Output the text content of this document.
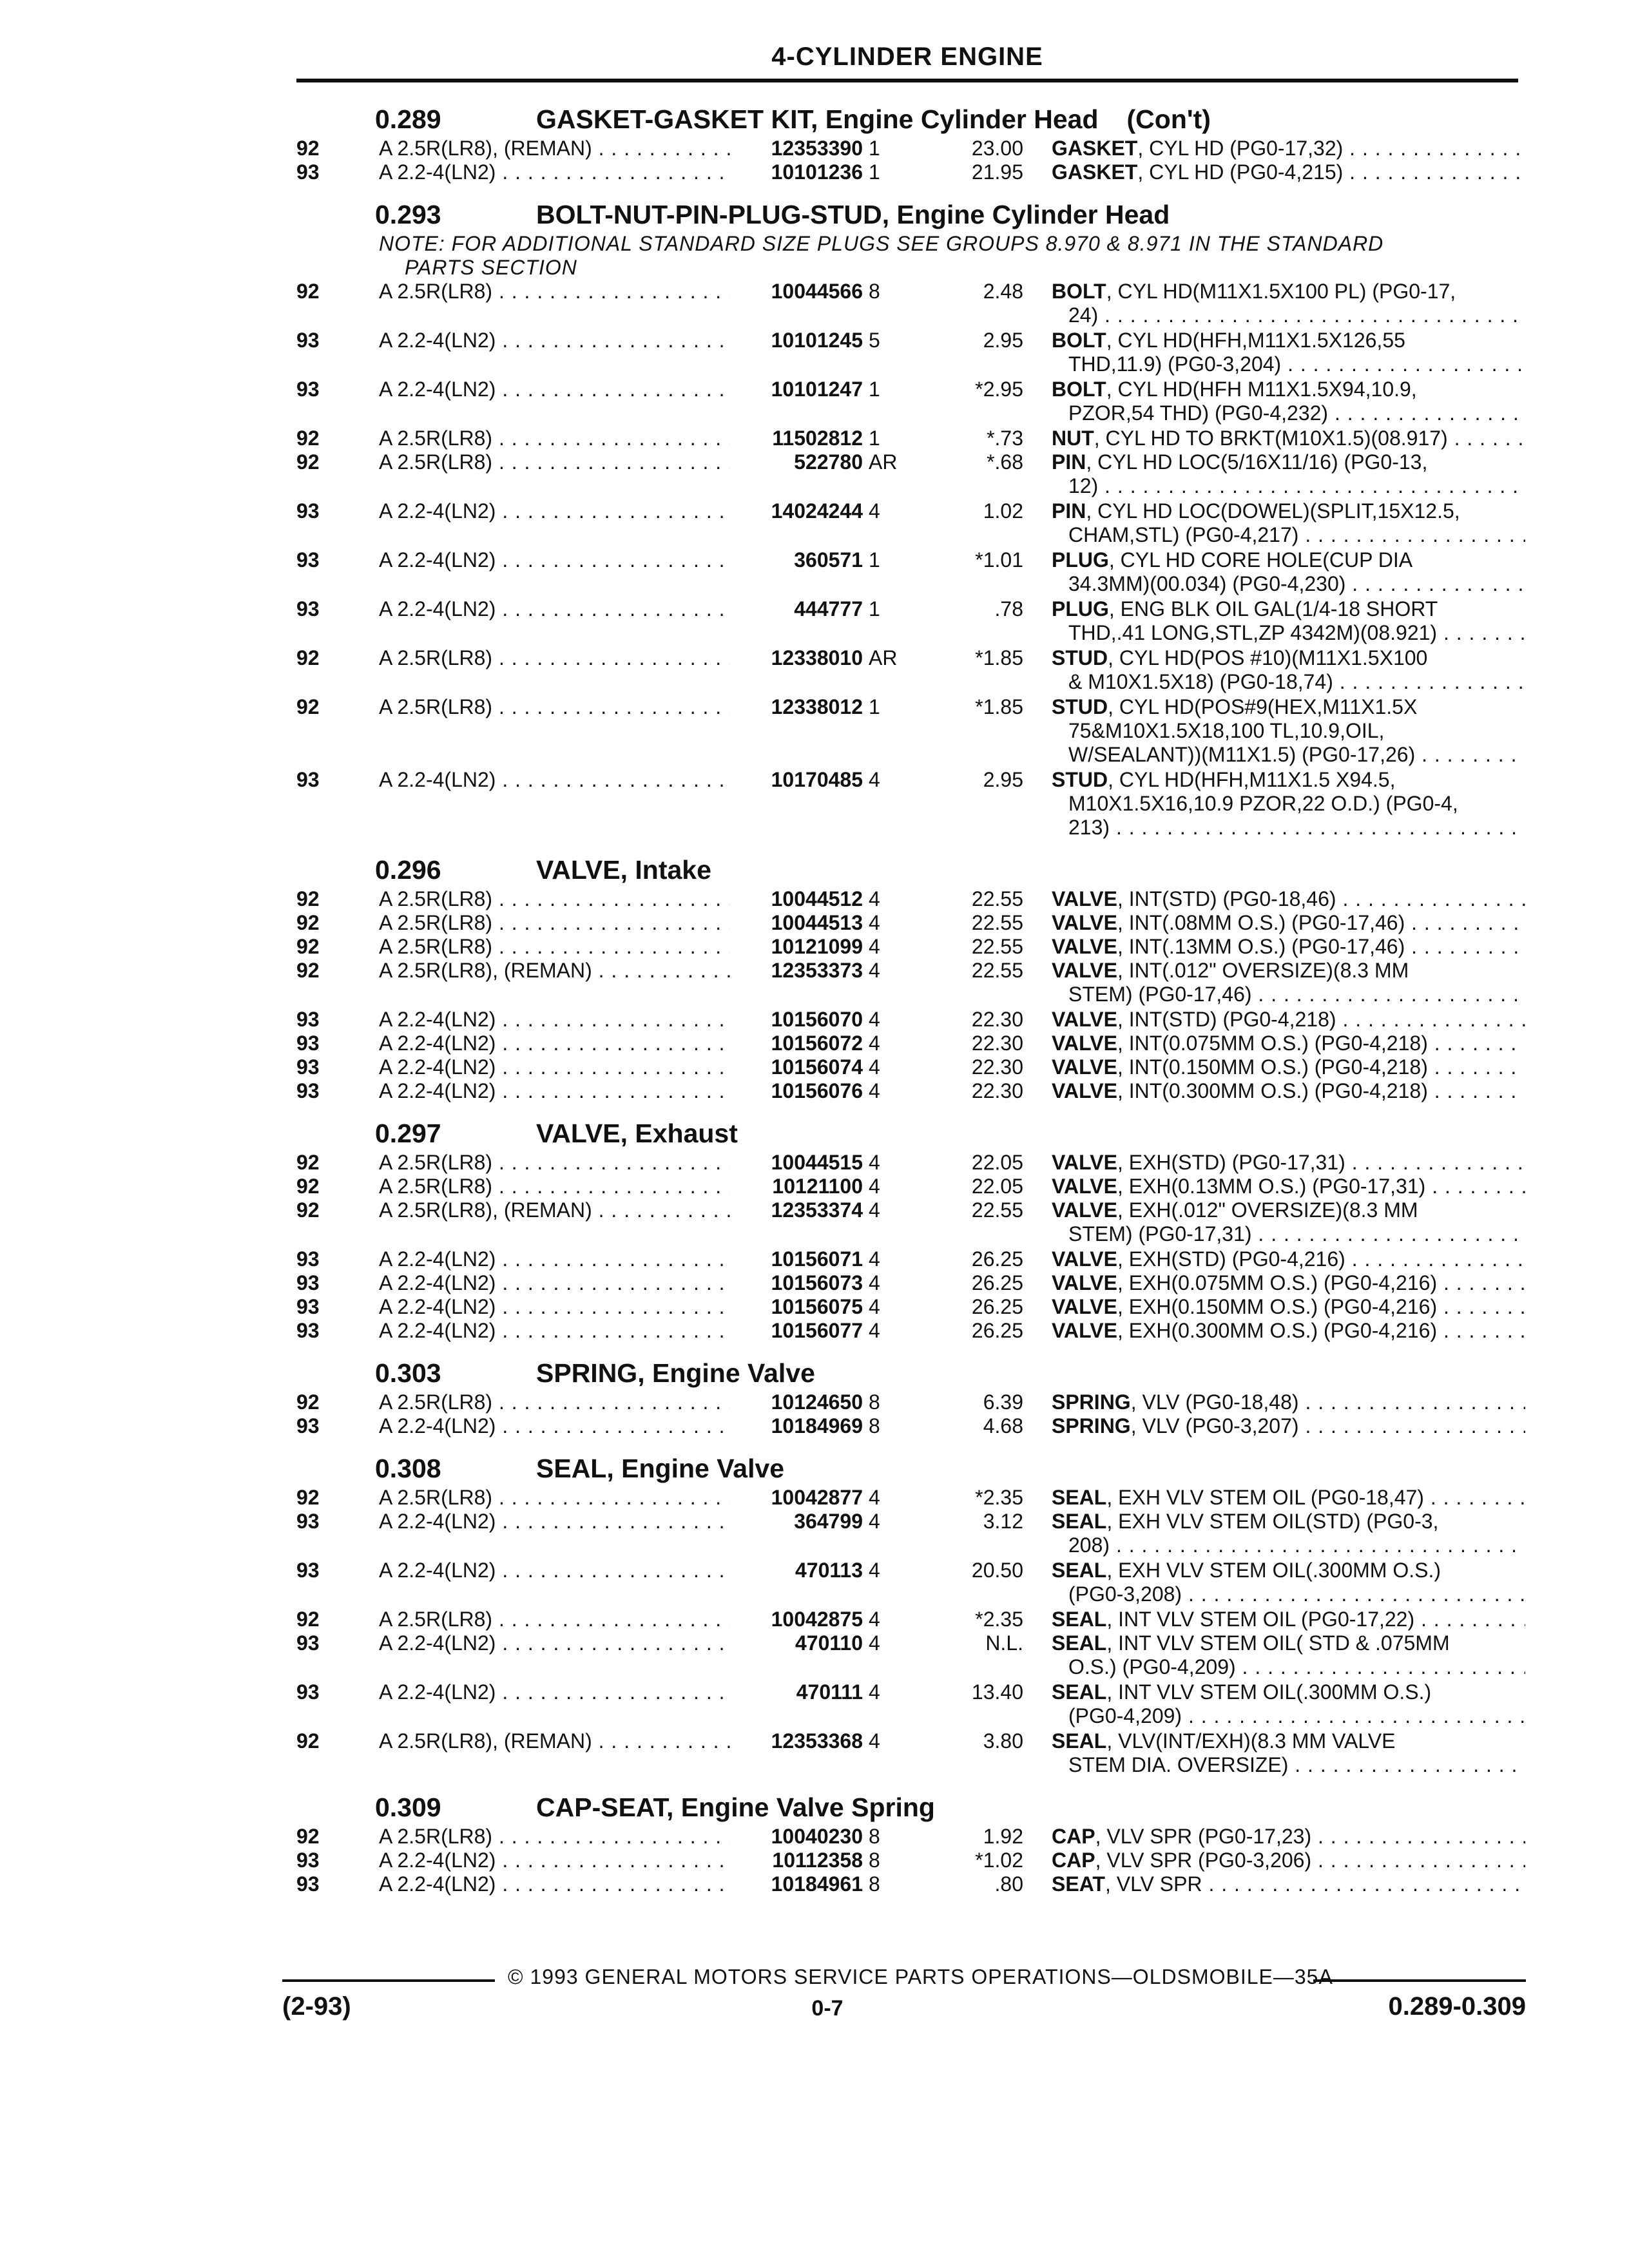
4-CYLINDER ENGINE
0.289	GASKET-GASKET KIT, Engine Cylinder Head (Con't)
92	A 2.5R(LR8), (REMAN) . . .	12353390 1	23.00 GASKET, CYL HD (PG0-17,32) . . .
93	A 2.2-4(LN2) . . .	10101236 1	21.95 GASKET, CYL HD (PG0-4,215) . . .
0.293	BOLT-NUT-PIN-PLUG-STUD, Engine Cylinder Head
NOTE: FOR ADDITIONAL STANDARD SIZE PLUGS SEE GROUPS 8.970 & 8.971 IN THE STANDARD
PARTS SECTION
92	A 2.5R(LR8) . . .	10044566 8	2.48 BOLT, CYL HD(M11X1.5X100 PL) (PG0-17,
24) . . .
93	A 2.2-4(LN2) . . .	10101245 5	2.95 BOLT, CYL HD(HFH,M11X1.5X126,55
THD,11.9) (PG0-3,204) . . .
93	A 2.2-4(LN2) . . .	10101247 1	*2.95 BOLT, CYL HD(HFH M11X1.5X94,10.9,
PZOR,54 THD) (PG0-4,232) . . .
92	A 2.5R(LR8) . . .	11502812 1	*.73 NUT, CYL HD TO BRKT(M10X1.5)(08.917) . . .
92	A 2.5R(LR8) . . .	522780 AR	*.68 PIN, CYL HD LOC(5/16X11/16) (PG0-13,
12) . . .
93	A 2.2-4(LN2) . . .	14024244 4	1.02 PIN, CYL HD LOC(DOWEL)(SPLIT,15X12.5,
CHAM,STL) (PG0-4,217) . . .
93	A 2.2-4(LN2) . . .	360571 1	*1.01 PLUG, CYL HD CORE HOLE(CUP DIA
34.3MM)(00.034) (PG0-4,230) . . .
93	A 2.2-4(LN2) . . .	444777 1	.78 PLUG, ENG BLK OIL GAL(1/4-18 SHORT
THD,.41 LONG,STL,ZP 4342M)(08.921) . . .
92	A 2.5R(LR8) . . .	12338010 AR	*1.85 STUD, CYL HD(POS #10)(M11X1.5X100
& M10X1.5X18) (PG0-18,74) . . .
92	A 2.5R(LR8) . . .	12338012 1	*1.85 STUD, CYL HD(POS#9(HEX,M11X1.5X
75&M10X1.5X18,100 TL,10.9,OIL,
W/SEALANT))(M11X1.5) (PG0-17,26) . . .
93	A 2.2-4(LN2) . . .	10170485 4	2.95 STUD, CYL HD(HFH,M11X1.5 X94.5,
M10X1.5X16,10.9 PZOR,22 O.D.) (PG0-4,
213) . . .
0.296	VALVE, Intake
92	A 2.5R(LR8) . . .	10044512 4	22.55 VALVE, INT(STD) (PG0-18,46) . . .
92	A 2.5R(LR8) . . .	10044513 4	22.55 VALVE, INT(.08MM O.S.) (PG0-17,46) . . .
92	A 2.5R(LR8) . . .	10121099 4	22.55 VALVE, INT(.13MM O.S.) (PG0-17,46) . . .
92	A 2.5R(LR8), (REMAN) . . .	12353373 4	22.55 VALVE, INT(.012" OVERSIZE)(8.3 MM
STEM) (PG0-17,46) . . .
93	A 2.2-4(LN2) . . .	10156070 4	22.30 VALVE, INT(STD) (PG0-4,218) . . .
93	A 2.2-4(LN2) . . .	10156072 4	22.30 VALVE, INT(0.075MM O.S.) (PG0-4,218) . . .
93	A 2.2-4(LN2) . . .	10156074 4	22.30 VALVE, INT(0.150MM O.S.) (PG0-4,218) . . .
93	A 2.2-4(LN2) . . .	10156076 4	22.30 VALVE, INT(0.300MM O.S.) (PG0-4,218) . . .
0.297	VALVE, Exhaust
92	A 2.5R(LR8) . . .	10044515 4	22.05 VALVE, EXH(STD) (PG0-17,31) . . .
92	A 2.5R(LR8) . . .	10121100 4	22.05 VALVE, EXH(0.13MM O.S.) (PG0-17,31) . . .
92	A 2.5R(LR8), (REMAN) . . .	12353374 4	22.55 VALVE, EXH(.012" OVERSIZE)(8.3 MM
STEM) (PG0-17,31) . . .
93	A 2.2-4(LN2) . . .	10156071 4	26.25 VALVE, EXH(STD) (PG0-4,216) . . .
93	A 2.2-4(LN2) . . .	10156073 4	26.25 VALVE, EXH(0.075MM O.S.) (PG0-4,216) . . .
93	A 2.2-4(LN2) . . .	10156075 4	26.25 VALVE, EXH(0.150MM O.S.) (PG0-4,216) . . .
93	A 2.2-4(LN2) . . .	10156077 4	26.25 VALVE, EXH(0.300MM O.S.) (PG0-4,216) . . .
0.303	SPRING, Engine Valve
92	A 2.5R(LR8) . . .	10124650 8	6.39 SPRING, VLV (PG0-18,48) . . .
93	A 2.2-4(LN2) . . .	10184969 8	4.68 SPRING, VLV (PG0-3,207) . . .
0.308	SEAL, Engine Valve
92	A 2.5R(LR8) . . .	10042877 4	*2.35 SEAL, EXH VLV STEM OIL (PG0-18,47) . . .
93	A 2.2-4(LN2) . . .	364799 4	3.12 SEAL, EXH VLV STEM OIL(STD) (PG0-3,
208) . . .
93	A 2.2-4(LN2) . . .	470113 4	20.50 SEAL, EXH VLV STEM OIL(.300MM O.S.)
(PG0-3,208) . . .
92	A 2.5R(LR8) . . .	10042875 4	*2.35 SEAL, INT VLV STEM OIL (PG0-17,22) . . .
93	A 2.2-4(LN2) . . .	470110 4	N.L. SEAL, INT VLV STEM OIL( STD & .075MM
O.S.) (PG0-4,209) . . .
93	A 2.2-4(LN2) . . .	470111 4	13.40 SEAL, INT VLV STEM OIL(.300MM O.S.)
(PG0-4,209) . . .
92	A 2.5R(LR8), (REMAN) . . .	12353368 4	3.80 SEAL, VLV(INT/EXH)(8.3 MM VALVE
STEM DIA. OVERSIZE) . . .
0.309	CAP-SEAT, Engine Valve Spring
92	A 2.5R(LR8) . . .	10040230 8	1.92 CAP, VLV SPR (PG0-17,23) . . .
93	A 2.2-4(LN2) . . .	10112358 8	*1.02 CAP, VLV SPR (PG0-3,206) . . .
93	A 2.2-4(LN2) . . .	10184961 8	.80 SEAT, VLV SPR . . .
© 1993 GENERAL MOTORS SERVICE PARTS OPERATIONS—OLDSMOBILE—35A
(2-93)	0-7	0.289-0.309
